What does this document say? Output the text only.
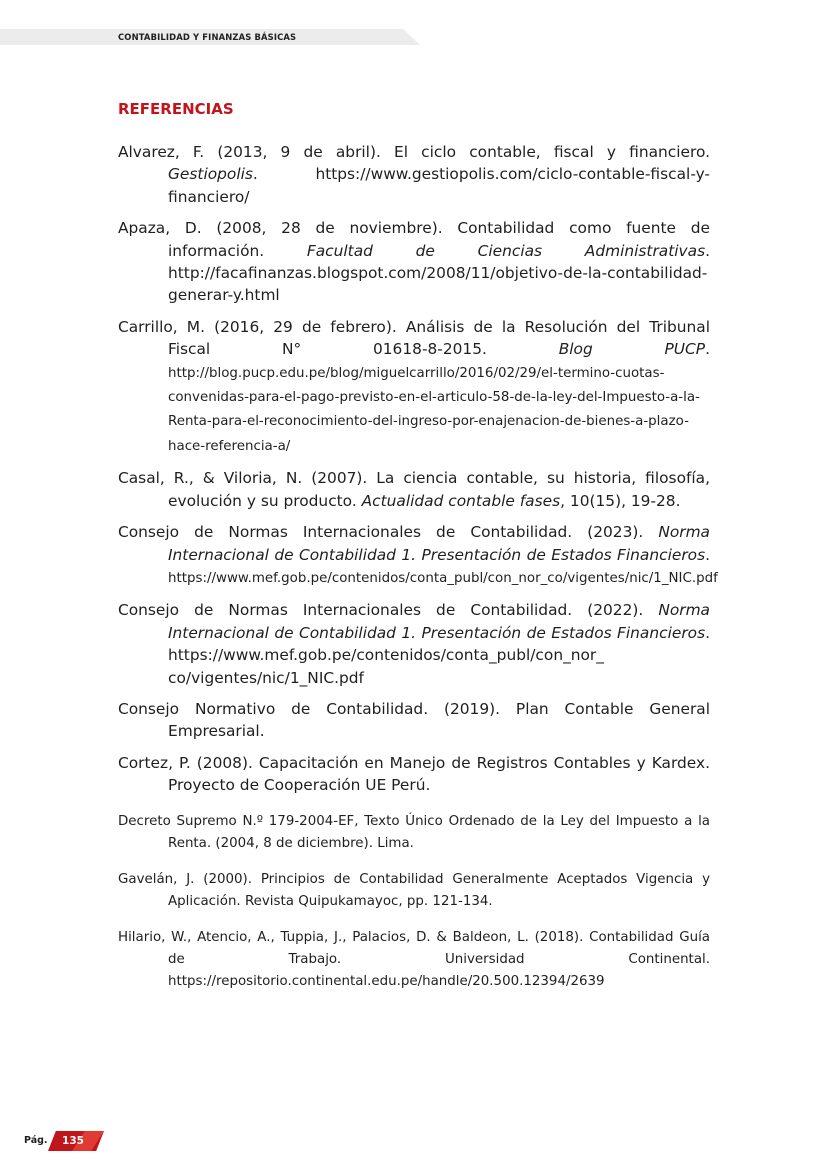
CONTABILIDAD Y FINANZAS BÁSICAS
REFERENCIAS

Alvarez, F. (2013, 9 de abril). El ciclo contable, fiscal y financiero. Gestiopolis. https://www.gestiopolis.com/ciclo-contable-fiscal-y-financiero/

Apaza, D. (2008, 28 de noviembre). Contabilidad como fuente de información. Facultad de Ciencias Administrativas. http://facafinanzas.blogspot.com/2008/11/objetivo-de-la-contabilidad-generar-y.html

Carrillo, M. (2016, 29 de febrero). Análisis de la Resolución del Tribunal Fiscal N° 01618-8-2015. Blog PUCP. http://blog.pucp.edu.pe/blog/miguelcarrillo/2016/02/29/el-termino-cuotas-convenidas-para-el-pago-previsto-en-el-articulo-58-de-la-ley-del-Impuesto-a-la-Renta-para-el-reconocimiento-del-ingreso-por-enajenacion-de-bienes-a-plazo-hace-referencia-a/

Casal, R., & Viloria, N. (2007). La ciencia contable, su historia, filosofía, evolución y su producto. Actualidad contable fases, 10(15), 19-28.

Consejo de Normas Internacionales de Contabilidad. (2023). Norma Internacional de Contabilidad 1. Presentación de Estados Financieros. https://www.mef.gob.pe/contenidos/conta_publ/con_nor_co/vigentes/nic/1_NIC.pdf

Consejo de Normas Internacionales de Contabilidad. (2022). Norma Internacional de Contabilidad 1. Presentación de Estados Financieros. https://www.mef.gob.pe/contenidos/conta_publ/con_nor_ co/vigentes/nic/1_NIC.pdf

Consejo Normativo de Contabilidad. (2019). Plan Contable General Empresarial.

Cortez, P. (2008). Capacitación en Manejo de Registros Contables y Kardex. Proyecto de Cooperación UE Perú.

Decreto Supremo N.º 179-2004-EF, Texto Único Ordenado de la Ley del Impuesto a la Renta. (2004, 8 de diciembre). Lima.

Gavelán, J. (2000). Principios de Contabilidad Generalmente Aceptados Vigencia y Aplicación. Revista Quipukamayoc, pp. 121-134.

Hilario, W., Atencio, A., Tuppia, J., Palacios, D. & Baldeon, L. (2018). Contabilidad Guía de Trabajo. Universidad Continental. https://repositorio.continental.edu.pe/handle/20.500.12394/2639

Pág.	135
